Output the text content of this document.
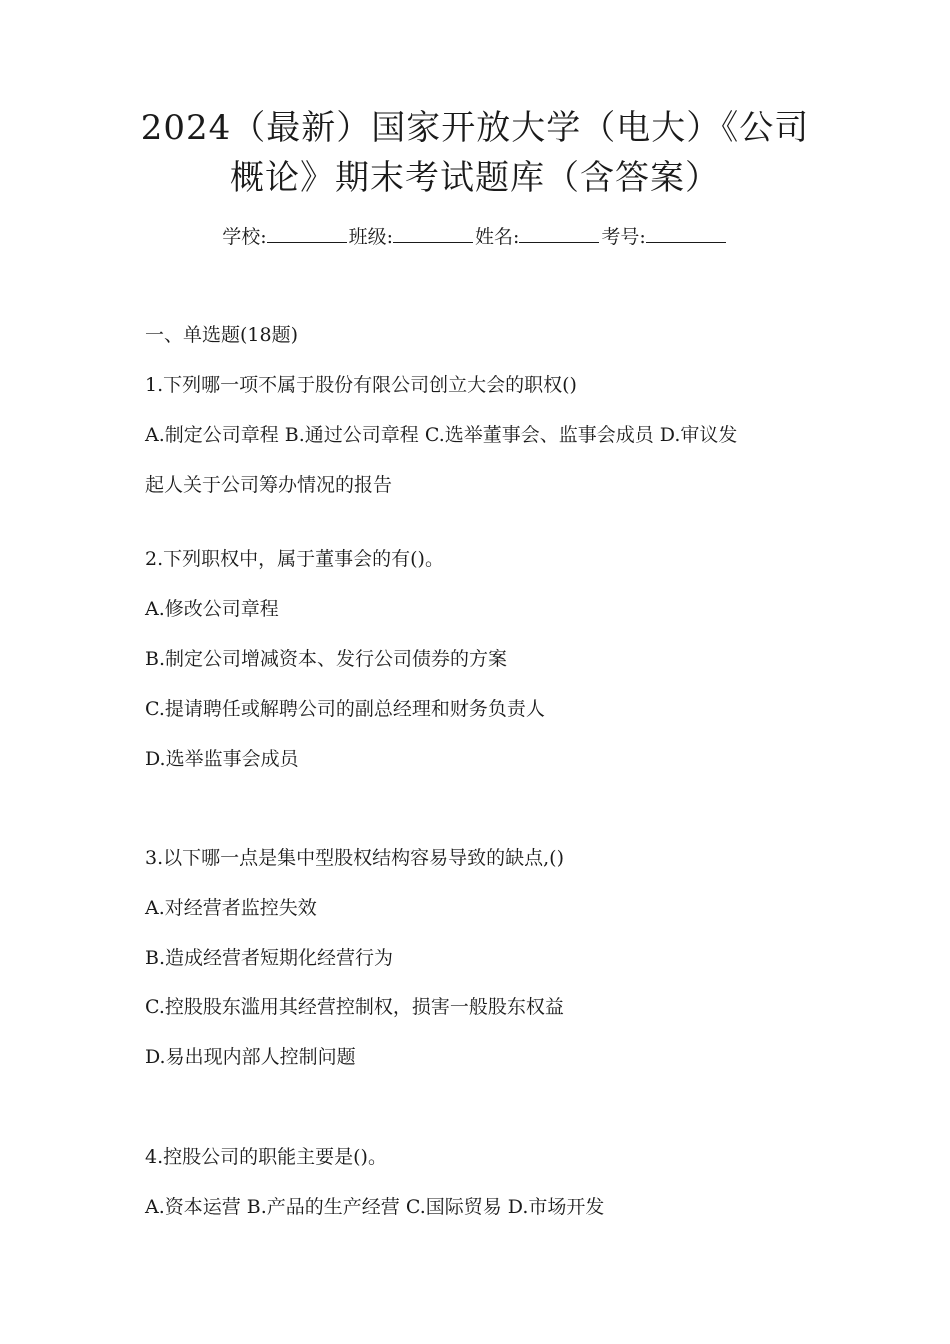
2024（最新）国家开放大学（电大）《公司
概论》期末考试题库（含答案）
学校:	班级:	姓名:	考号:
一、单选题(18题)
1.下列哪一项不属于股份有限公司创立大会的职权()
A.制定公司章程 B.通过公司章程 C.选举董事会、监事会成员 D.审议发
起人关于公司筹办情况的报告
2.下列职权中，属于董事会的有()。
A.修改公司章程
B.制定公司增减资本、发行公司债券的方案
C.提请聘任或解聘公司的副总经理和财务负责人
D.选举监事会成员
3.以下哪一点是集中型股权结构容易导致的缺点,()
A.对经营者监控失效
B.造成经营者短期化经营行为
C.控股股东滥用其经营控制权，损害一般股东权益
D.易出现内部人控制问题
4.控股公司的职能主要是()。
A.资本运营 B.产品的生产经营 C.国际贸易 D.市场开发
